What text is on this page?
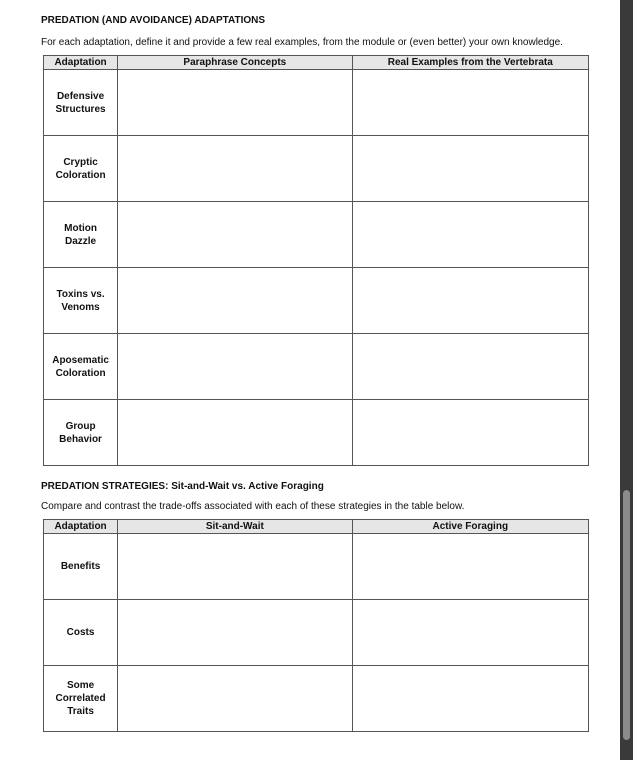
PREDATION (AND AVOIDANCE) ADAPTATIONS
For each adaptation, define it and provide a few real examples, from the module or (even better) your own knowledge.
Adaptation	Paraphrase Concepts	Real Examples from the Vertebrata

Defensive
Structures		

Cryptic
Coloration		

Motion
Dazzle		

Toxins vs.
Venoms		

Aposematic
Coloration		

Group
Behavior		

PREDATION STRATEGIES: Sit-and-Wait vs. Active Foraging
Compare and contrast the trade-offs associated with each of these strategies in the table below.
Adaptation	Sit-and-Wait	Active Foraging

Benefits		

Costs		

Some
Correlated
Traits		
